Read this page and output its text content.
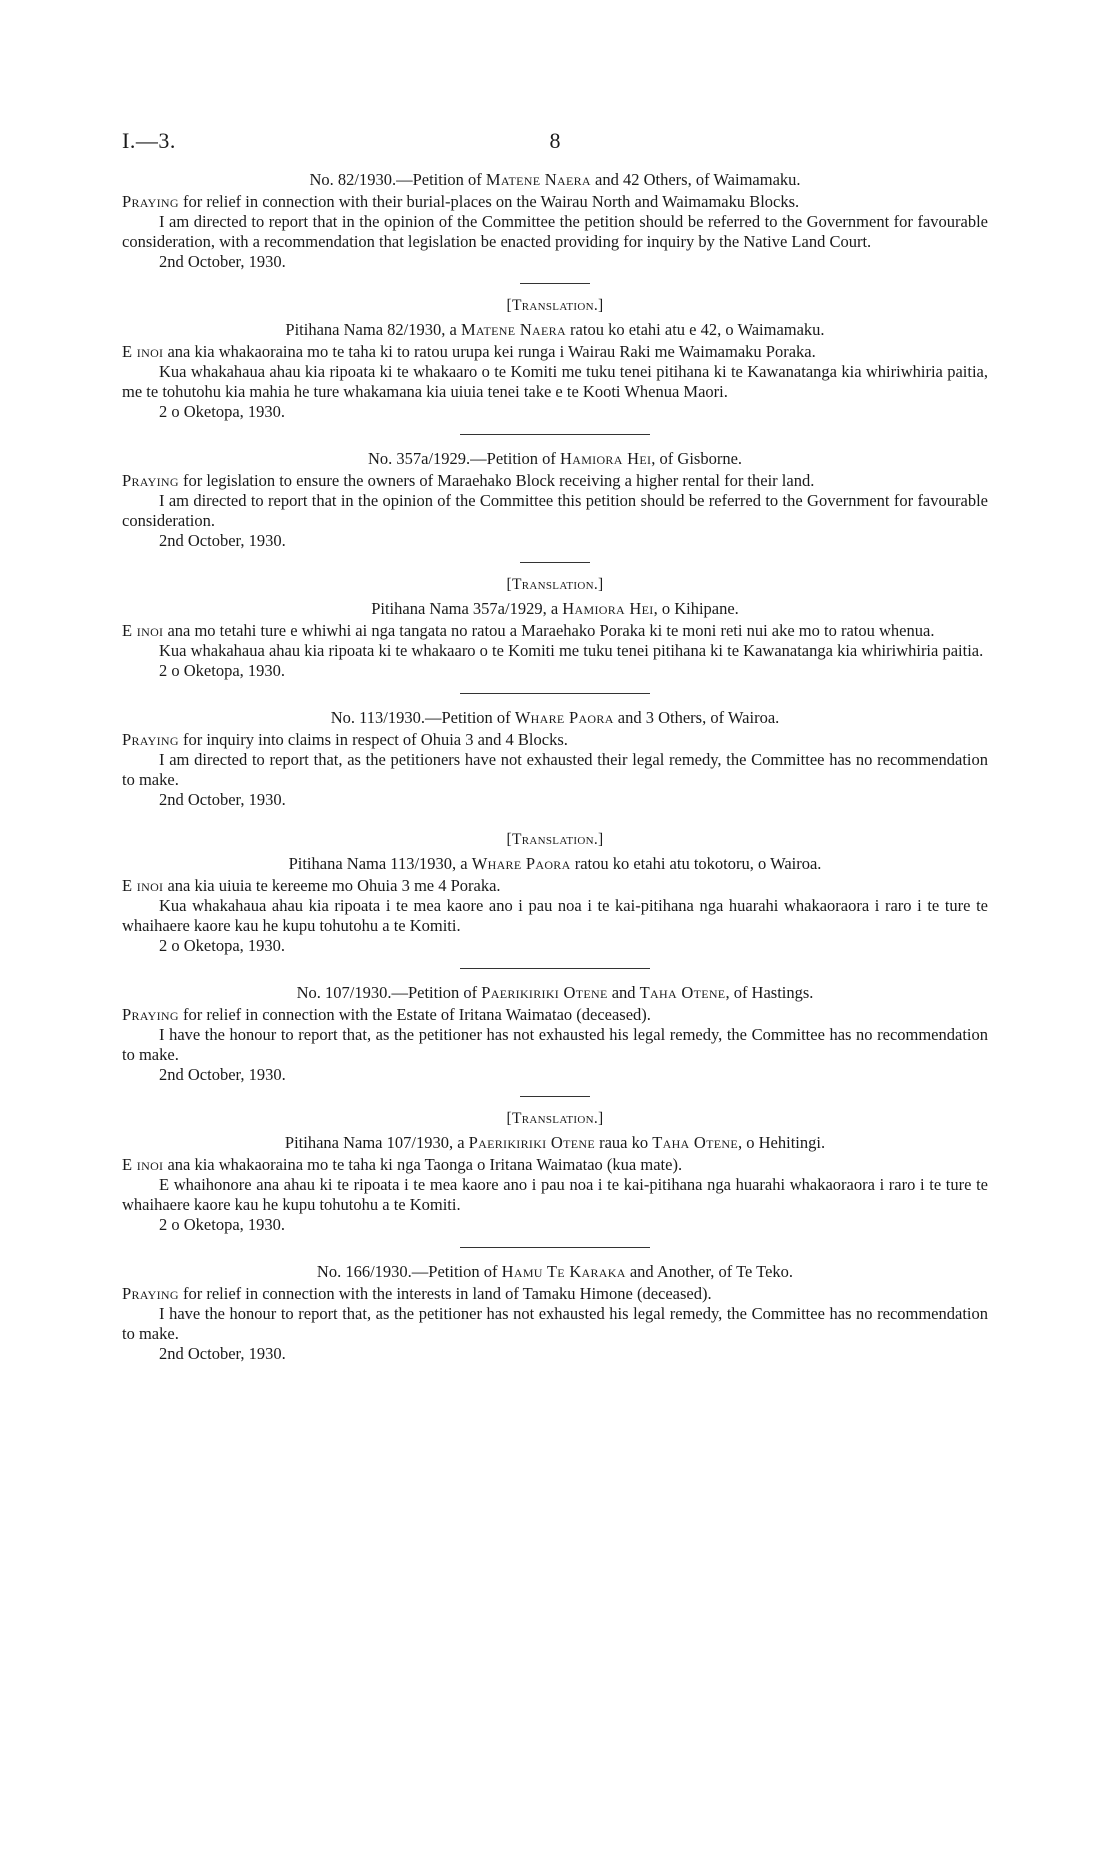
I.—3.	8

No. 82/1930.—Petition of Matene Naera and 42 Others, of Waimamaku.

Praying for relief in connection with their burial-places on the Wairau North and Waimamaku Blocks.

I am directed to report that in the opinion of the Committee the petition should be referred to the Government for favourable consideration, with a recommendation that legislation be enacted providing for inquiry by the Native Land Court.

2nd October, 1930.

[Translation.]

Pitihana Nama 82/1930, a Matene Naera ratou ko etahi atu e 42, o Waimamaku.

E inoi ana kia whakaoraina mo te taha ki to ratou urupa kei runga i Wairau Raki me Waimamaku Poraka.

Kua whakahaua ahau kia ripoata ki te whakaaro o te Komiti me tuku tenei pitihana ki te Kawanatanga kia whiriwhiria paitia, me te tohutohu kia mahia he ture whakamana kia uiuia tenei take e te Kooti Whenua Maori.

2 o Oketopa, 1930.

No. 357a/1929.—Petition of Hamiora Hei, of Gisborne.

Praying for legislation to ensure the owners of Maraehako Block receiving a higher rental for their land.

I am directed to report that in the opinion of the Committee this petition should be referred to the Government for favourable consideration.

2nd October, 1930.

[Translation.]

Pitihana Nama 357a/1929, a Hamiora Hei, o Kihipane.

E inoi ana mo tetahi ture e whiwhi ai nga tangata no ratou a Maraehako Poraka ki te moni reti nui ake mo to ratou whenua.

Kua whakahaua ahau kia ripoata ki te whakaaro o te Komiti me tuku tenei pitihana ki te Kawanatanga kia whiriwhiria paitia.

2 o Oketopa, 1930.

No. 113/1930.—Petition of Whare Paora and 3 Others, of Wairoa.

Praying for inquiry into claims in respect of Ohuia 3 and 4 Blocks.

I am directed to report that, as the petitioners have not exhausted their legal remedy, the Committee has no recommendation to make.

2nd October, 1930.

[Translation.]

Pitihana Nama 113/1930, a Whare Paora ratou ko etahi atu tokotoru, o Wairoa.

E inoi ana kia uiuia te kereeme mo Ohuia 3 me 4 Poraka.

Kua whakahaua ahau kia ripoata i te mea kaore ano i pau noa i te kai-pitihana nga huarahi whakaoraora i raro i te ture te whaihaere kaore kau he kupu tohutohu a te Komiti.

2 o Oketopa, 1930.

No. 107/1930.—Petition of Paerikiriki Otene and Taha Otene, of Hastings.

Praying for relief in connection with the Estate of Iritana Waimatao (deceased).

I have the honour to report that, as the petitioner has not exhausted his legal remedy, the Committee has no recommendation to make.

2nd October, 1930.

[Translation.]

Pitihana Nama 107/1930, a Paerikiriki Otene raua ko Taha Otene, o Hehitingi.

E inoi ana kia whakaoraina mo te taha ki nga Taonga o Iritana Waimatao (kua mate).

E whaihonore ana ahau ki te ripoata i te mea kaore ano i pau noa i te kai-pitihana nga huarahi whakaoraora i raro i te ture te whaihaere kaore kau he kupu tohutohu a te Komiti.

2 o Oketopa, 1930.

No. 166/1930.—Petition of Hamu Te Karaka and Another, of Te Teko.

Praying for relief in connection with the interests in land of Tamaku Himone (deceased).

I have the honour to report that, as the petitioner has not exhausted his legal remedy, the Committee has no recommendation to make.

2nd October, 1930.
